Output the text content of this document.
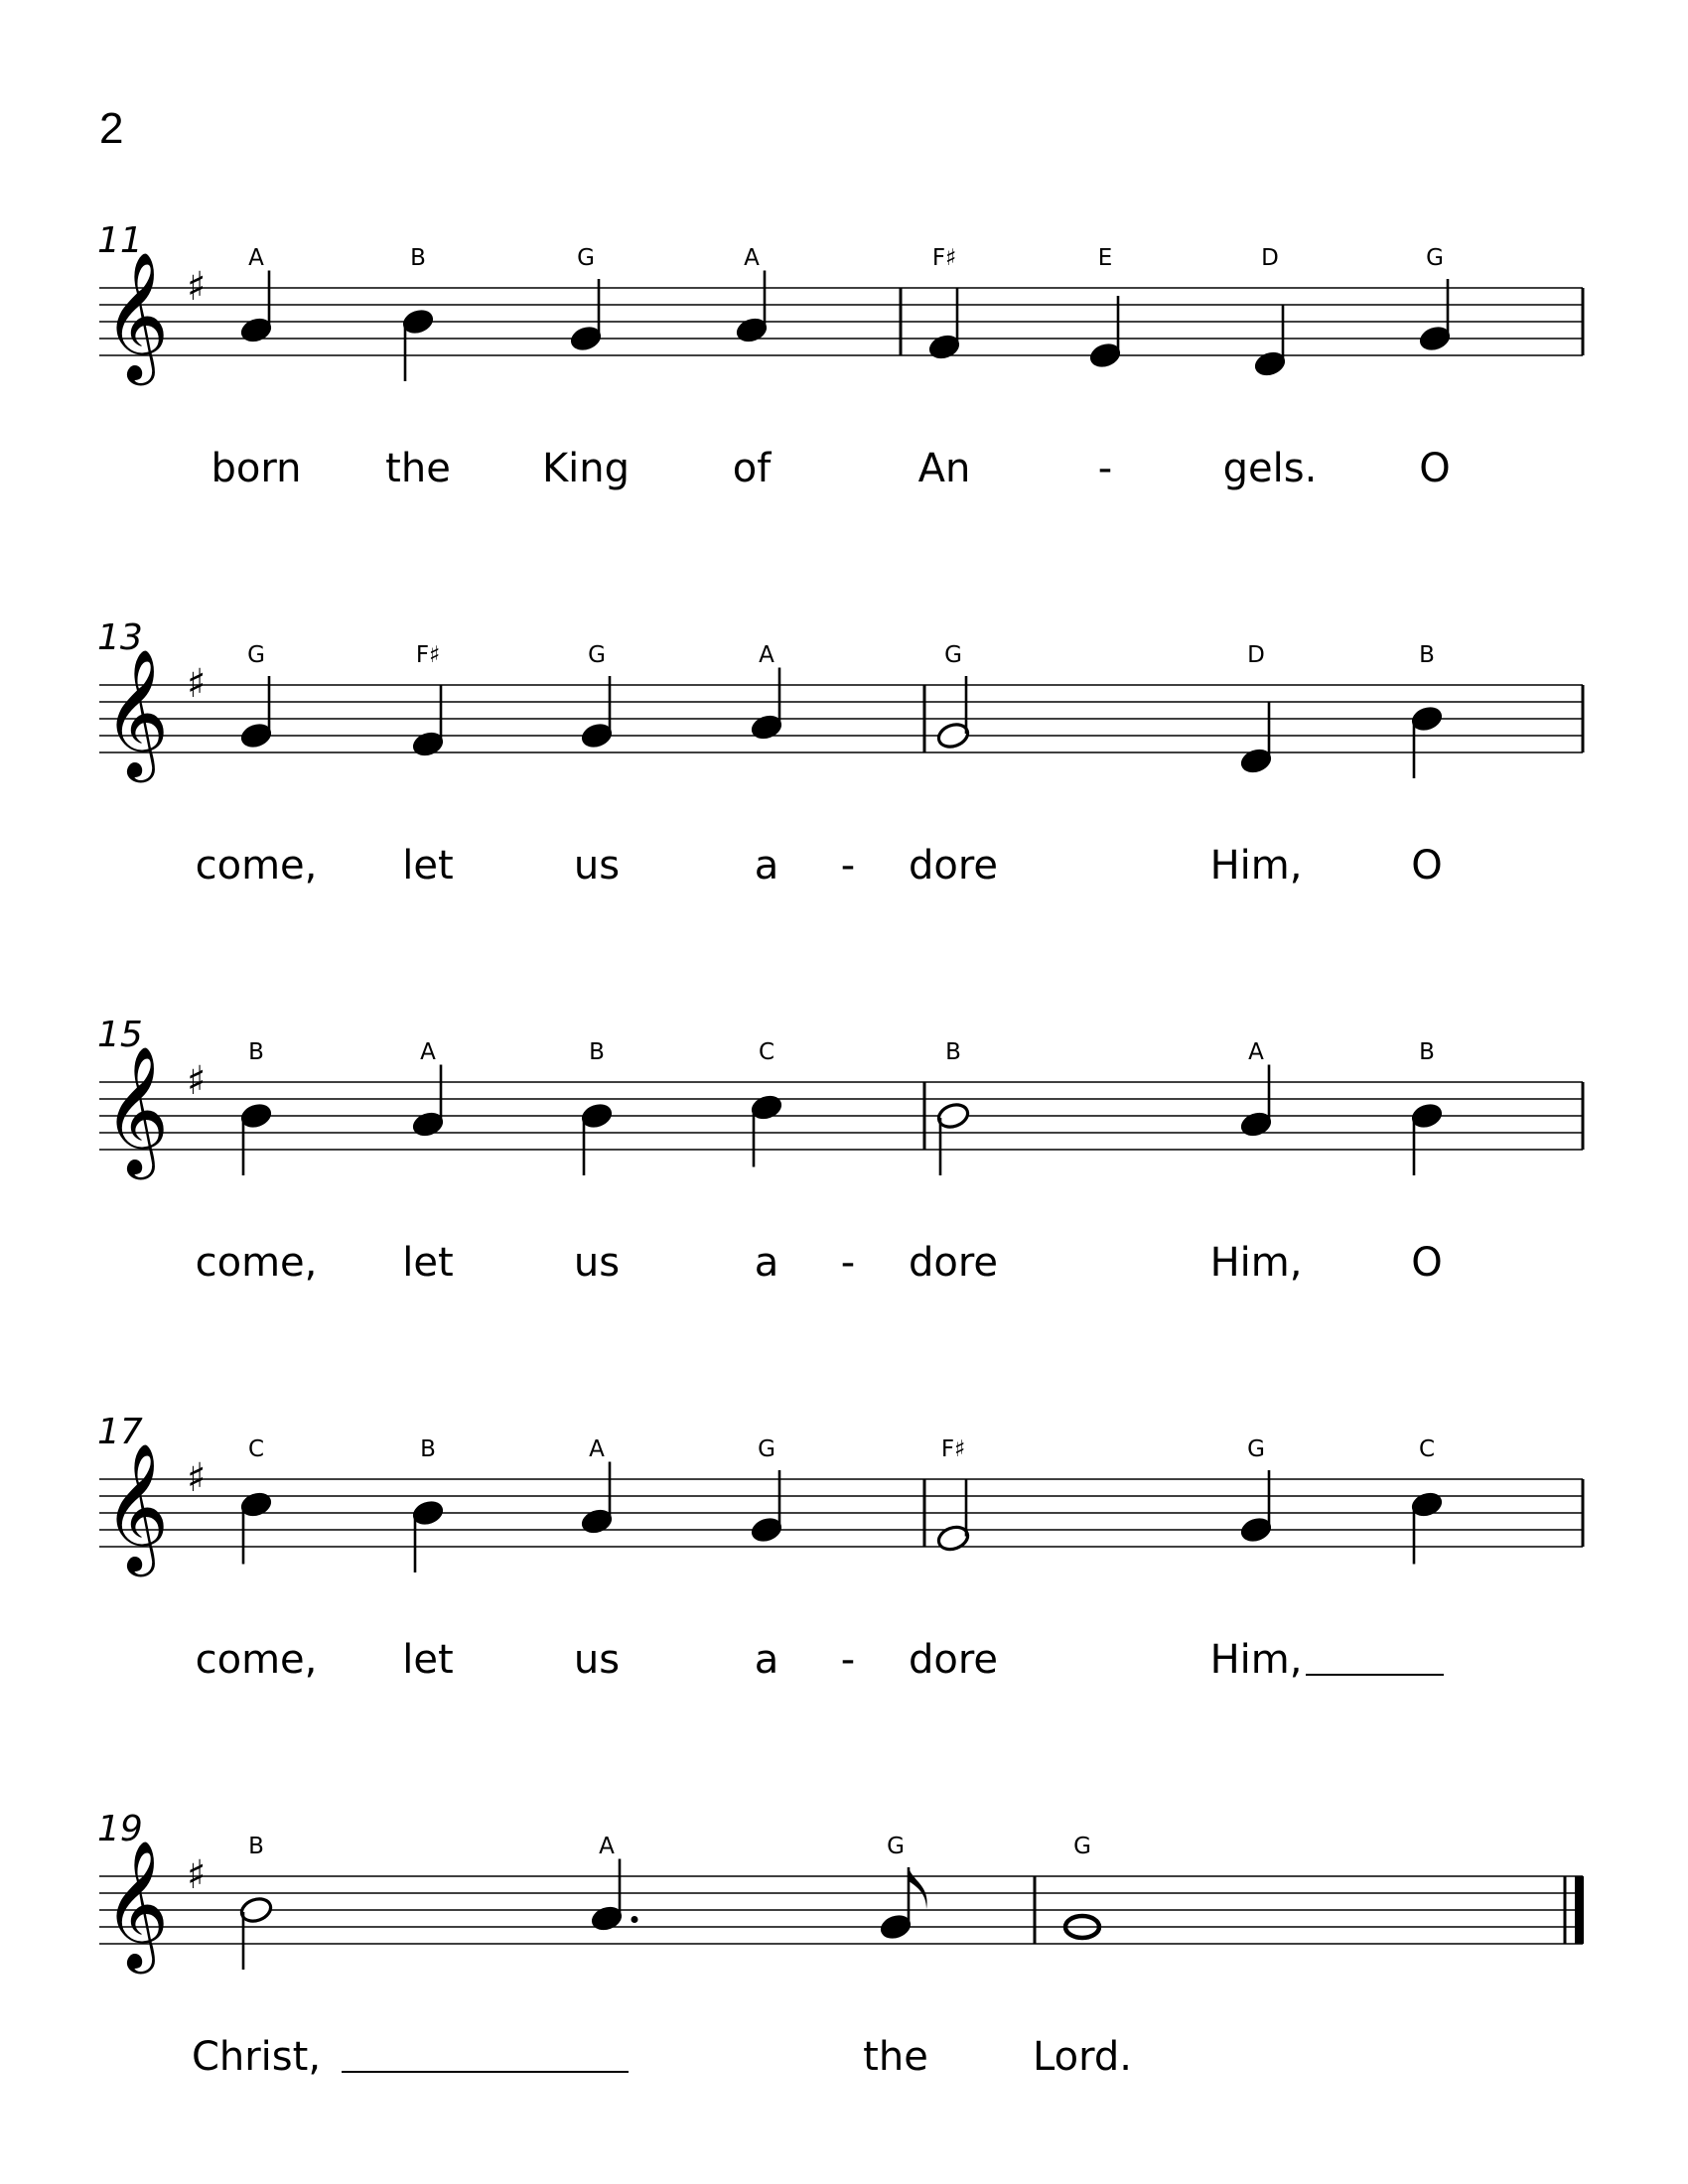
2
11
𝄞 ♯
A
born
B
the
G
King
A
of
F♯
An
E
-
D
gels.
G
O
13
𝄞 ♯
G
come,
F♯
let
G
us
A
a
G
- dore
D
Him,
B
O
15
𝄞 ♯
B
come,
A
let
B
us
C
a
B
- dore
A
Him,
B
O
17
𝄞 ♯
C
come,
B
let
A
us
G
a
F♯
- dore
G
Him,
C
19
𝄞 ♯
B
Christ,
A	G
the
G
Lord.
